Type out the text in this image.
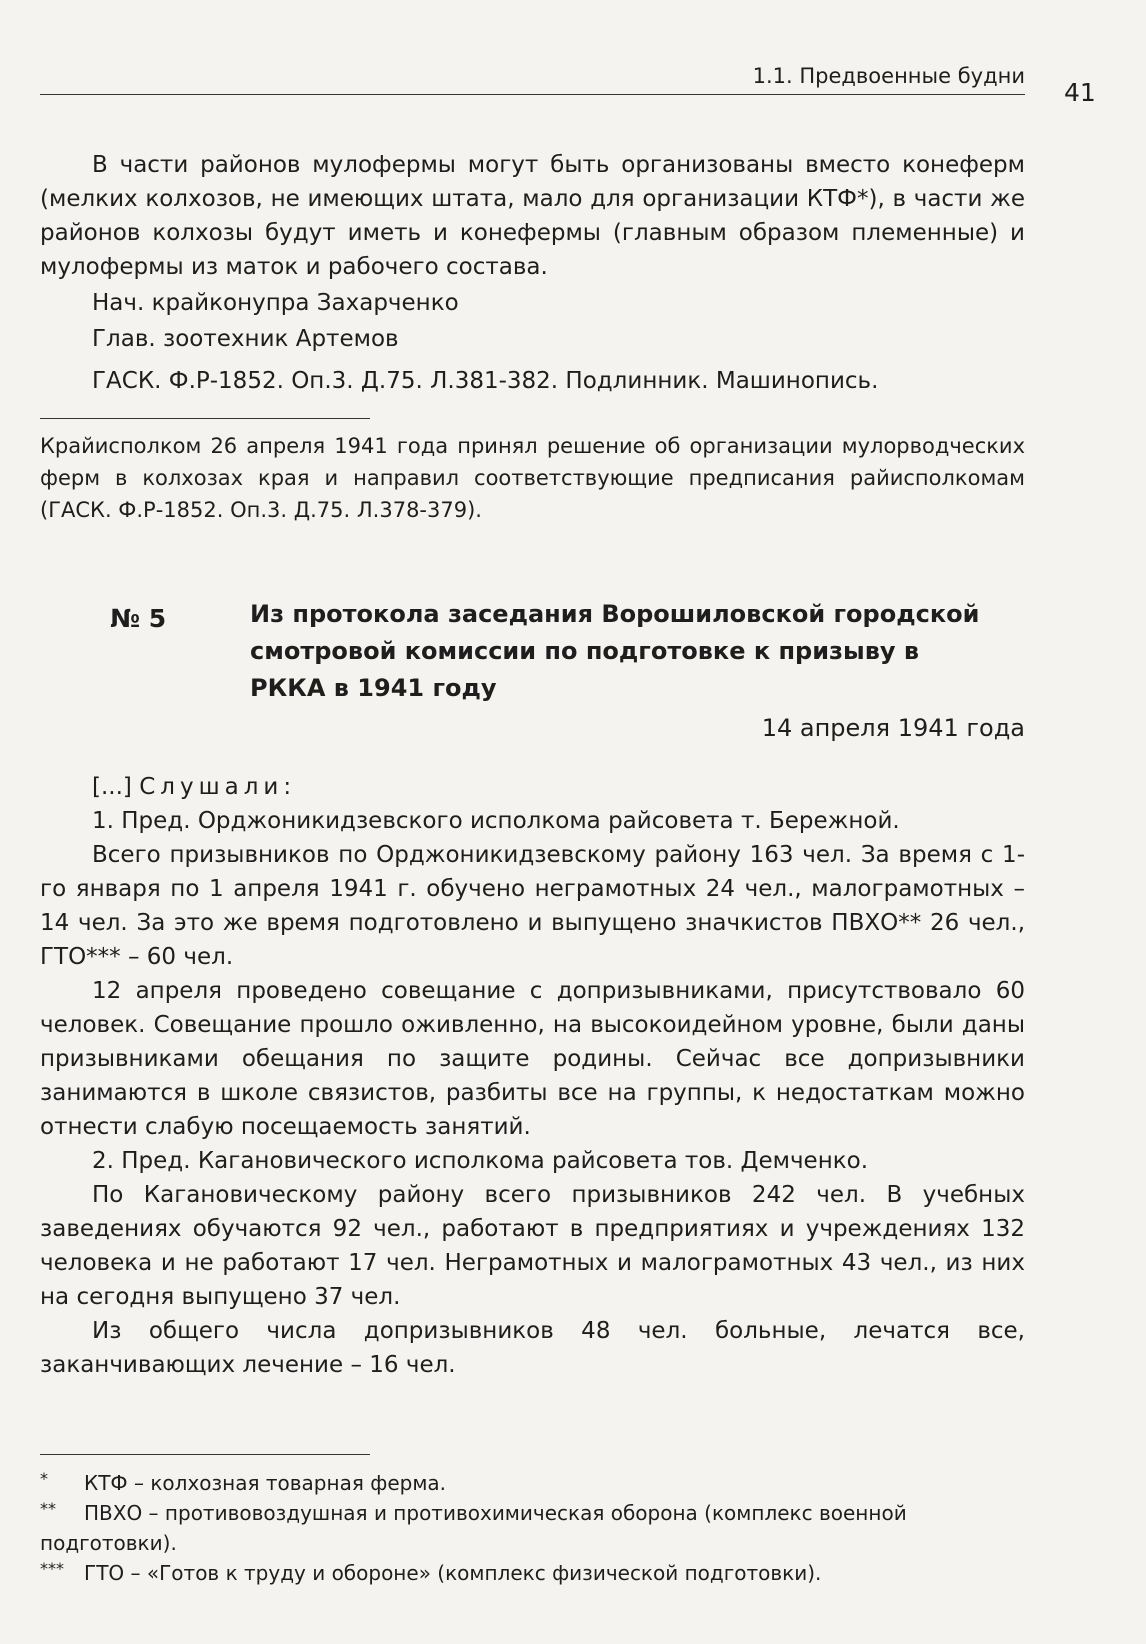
1.1. Предвоенные будни
41

В части районов мулофермы могут быть организованы вместо конеферм (мелких колхозов, не имеющих штата, мало для организации КТФ*), в части же районов колхозы будут иметь и конефермы (главным образом племенные) и мулофермы из маток и рабочего состава.

Нач. крайконупра Захарченко

Глав. зоотехник Артемов

ГАСК. Ф.Р-1852. Оп.3. Д.75. Л.381-382. Подлинник. Машинопись.

Крайисполком 26 апреля 1941 года принял решение об организации мулорводческих ферм в колхозах края и направил соответствующие предписания райисполкомам (ГАСК. Ф.Р-1852. Оп.3. Д.75. Л.378-379).
№ 5	Из протокола заседания Ворошиловской городской смотровой комиссии по подготовке к призыву в РККА в 1941 году
14 апреля 1941 года

[...] Слушали:

1. Пред. Орджоникидзевского исполкома райсовета т. Бережной.

Всего призывников по Орджоникидзевскому району 163 чел. За время с 1-го января по 1 апреля 1941 г. обучено неграмотных 24 чел., малограмотных – 14 чел. За это же время подготовлено и выпущено значкистов ПВХО** 26 чел., ГТО*** – 60 чел.

12 апреля проведено совещание с допризывниками, присутствовало 60 человек. Совещание прошло оживленно, на высокоидейном уровне, были даны призывниками обещания по защите родины. Сейчас все допризывники занимаются в школе связистов, разбиты все на группы, к недостаткам можно отнести слабую посещаемость занятий.

2. Пред. Кагановического исполкома райсовета тов. Демченко.

По Кагановическому району всего призывников 242 чел. В учебных заведениях обучаются 92 чел., работают в предприятиях и учреждениях 132 человека и не работают 17 чел. Неграмотных и малограмотных 43 чел., из них на сегодня выпущено 37 чел.

Из общего числа допризывников 48 чел. больные, лечатся все, заканчивающих лечение – 16 чел.

* КТФ – колхозная товарная ферма.

** ПВХО – противовоздушная и противохимическая оборона (комплекс военной подготовки).

*** ГТО – «Готов к труду и обороне» (комплекс физической подготовки).
